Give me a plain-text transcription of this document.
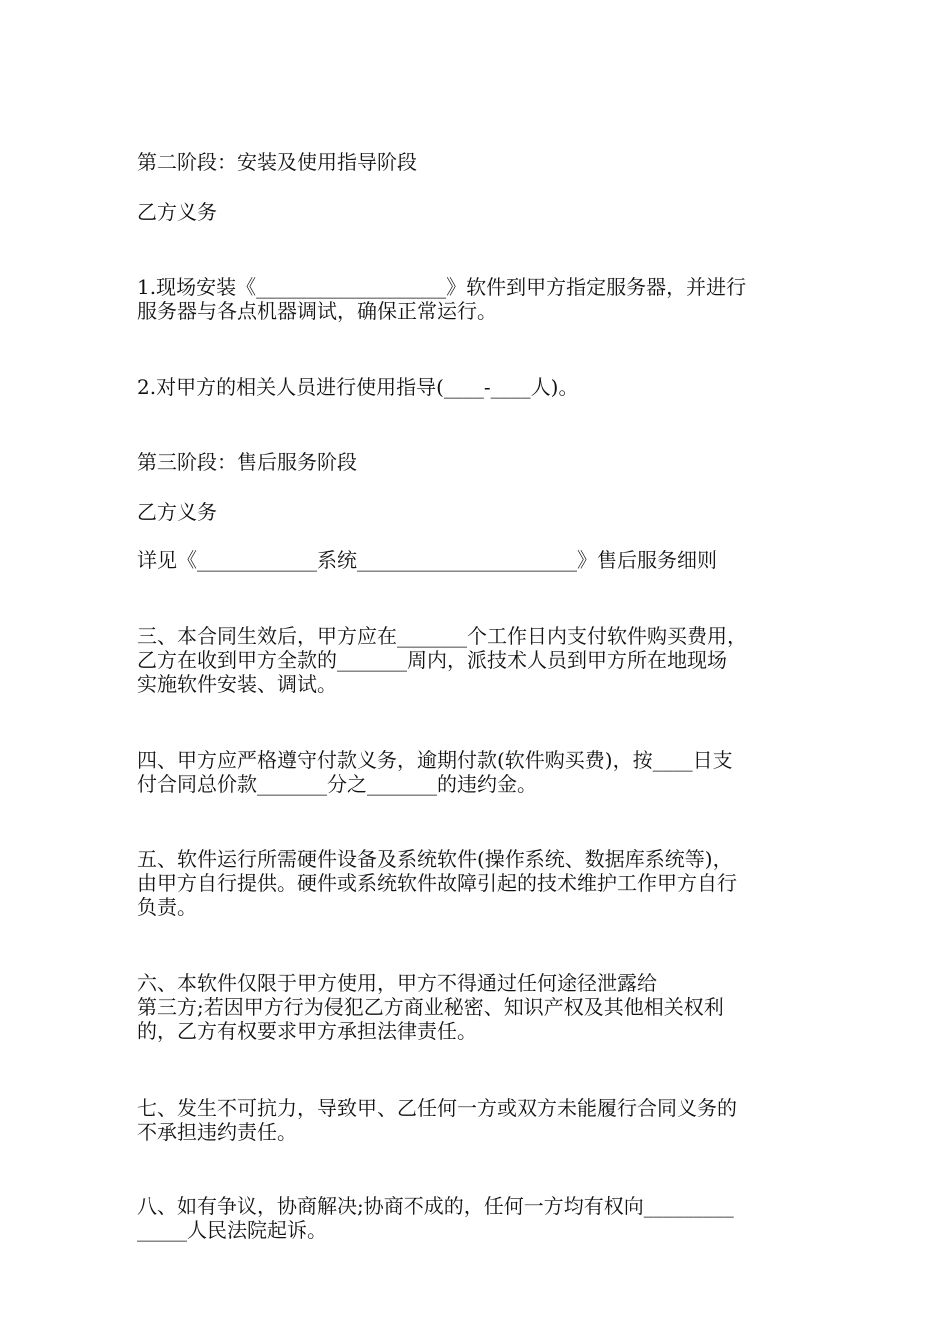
第二阶段：安装及使用指导阶段

乙方义务

1.现场安装《___________________》软件到甲方指定服务器，并进行
服务器与各点机器调试，确保正常运行。

2.对甲方的相关人员进行使用指导(____-____人)。

第三阶段：售后服务阶段

乙方义务

详见《____________系统______________________》售后服务细则

三、本合同生效后，甲方应在_______个工作日内支付软件购买费用，
乙方在收到甲方全款的_______周内，派技术人员到甲方所在地现场
实施软件安装、调试。

四、甲方应严格遵守付款义务，逾期付款(软件购买费)，按____日支
付合同总价款_______分之_______的违约金。

五、软件运行所需硬件设备及系统软件(操作系统、数据库系统等)，
由甲方自行提供。硬件或系统软件故障引起的技术维护工作甲方自行
负责。

六、本软件仅限于甲方使用，甲方不得通过任何途径泄露给
第三方;若因甲方行为侵犯乙方商业秘密、知识产权及其他相关权利
的，乙方有权要求甲方承担法律责任。

七、发生不可抗力，导致甲、乙任何一方或双方未能履行合同义务的
不承担违约责任。

八、如有争议，协商解决;协商不成的，任何一方均有权向_________
_____人民法院起诉。
